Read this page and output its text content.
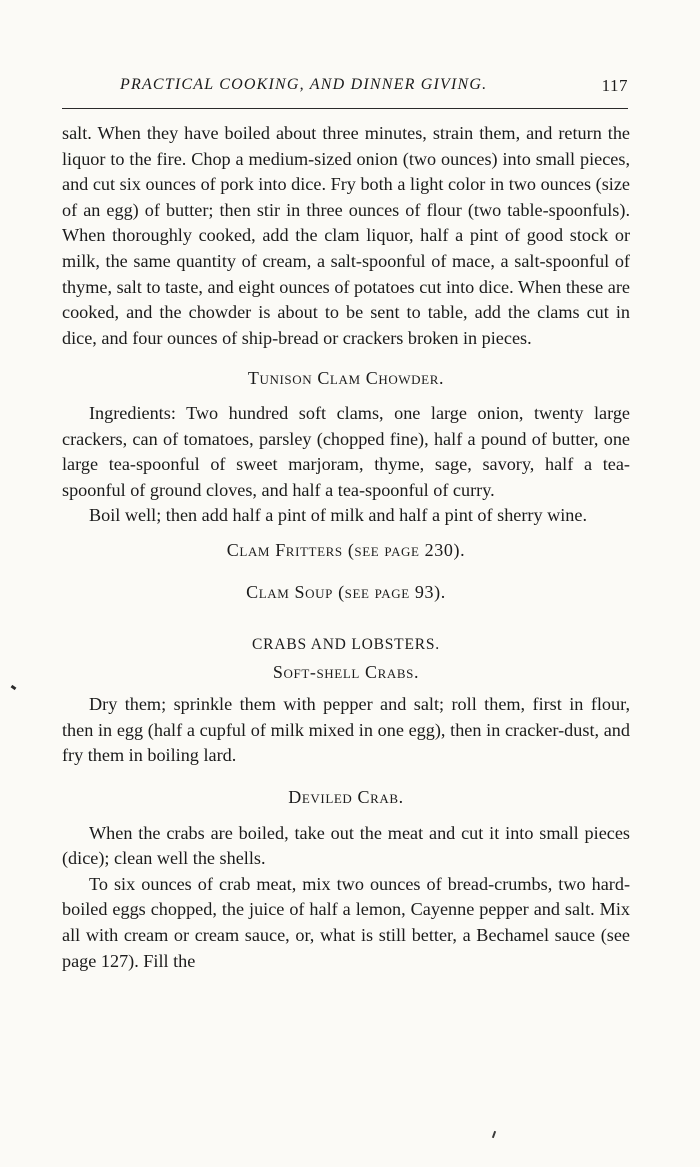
PRACTICAL COOKING, AND DINNER GIVING.	117

salt. When they have boiled about three minutes, strain them, and return the liquor to the fire. Chop a medium-sized onion (two ounces) into small pieces, and cut six ounces of pork into dice. Fry both a light color in two ounces (size of an egg) of butter; then stir in three ounces of flour (two table-spoonfuls). When thoroughly cooked, add the clam liquor, half a pint of good stock or milk, the same quantity of cream, a salt-spoonful of mace, a salt-spoonful of thyme, salt to taste, and eight ounces of potatoes cut into dice. When these are cooked, and the chowder is about to be sent to table, add the clams cut in dice, and four ounces of ship-bread or crackers broken in pieces.

Tunison Clam Chowder.

Ingredients: Two hundred soft clams, one large onion, twenty large crackers, can of tomatoes, parsley (chopped fine), half a pound of butter, one large tea-spoonful of sweet marjoram, thyme, sage, savory, half a tea-spoonful of ground cloves, and half a tea-spoonful of curry.

Boil well; then add half a pint of milk and half a pint of sherry wine.

Clam Fritters (see page 230).
Clam Soup (see page 93).
CRABS AND LOBSTERS.
Soft-shell Crabs.

Dry them; sprinkle them with pepper and salt; roll them, first in flour, then in egg (half a cupful of milk mixed in one egg), then in cracker-dust, and fry them in boiling lard.

Deviled Crab.

When the crabs are boiled, take out the meat and cut it into small pieces (dice); clean well the shells.

To six ounces of crab meat, mix two ounces of bread-crumbs, two hard-boiled eggs chopped, the juice of half a lemon, Cayenne pepper and salt. Mix all with cream or cream sauce, or, what is still better, a Bechamel sauce (see page 127). Fill the
